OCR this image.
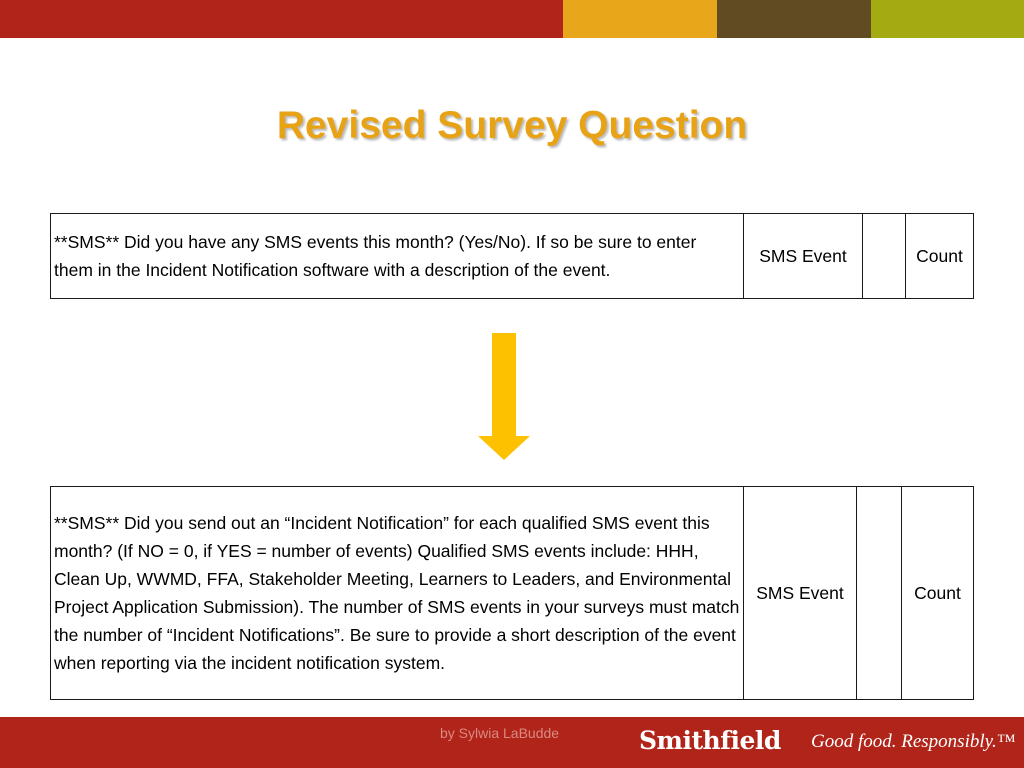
Revised Survey Question
**SMS** Did you have any SMS events this month? (Yes/No). If so be sure to enter them in the Incident Notification software with a description of the event.	SMS Event		Count
**SMS** Did you send out an “Incident Notification” for each qualified SMS event this month? (If NO = 0, if YES = number of events) Qualified SMS events include: HHH, Clean Up, WWMD, FFA, Stakeholder Meeting, Learners to Leaders, and Environmental Project Application Submission). The number of SMS events in your surveys must match the number of “Incident Notifications”. Be sure to provide a short description of the event when reporting via the incident notification system.	SMS Event		Count
by Sylwia LaBudde	Smithfield Good food. Responsibly.™
